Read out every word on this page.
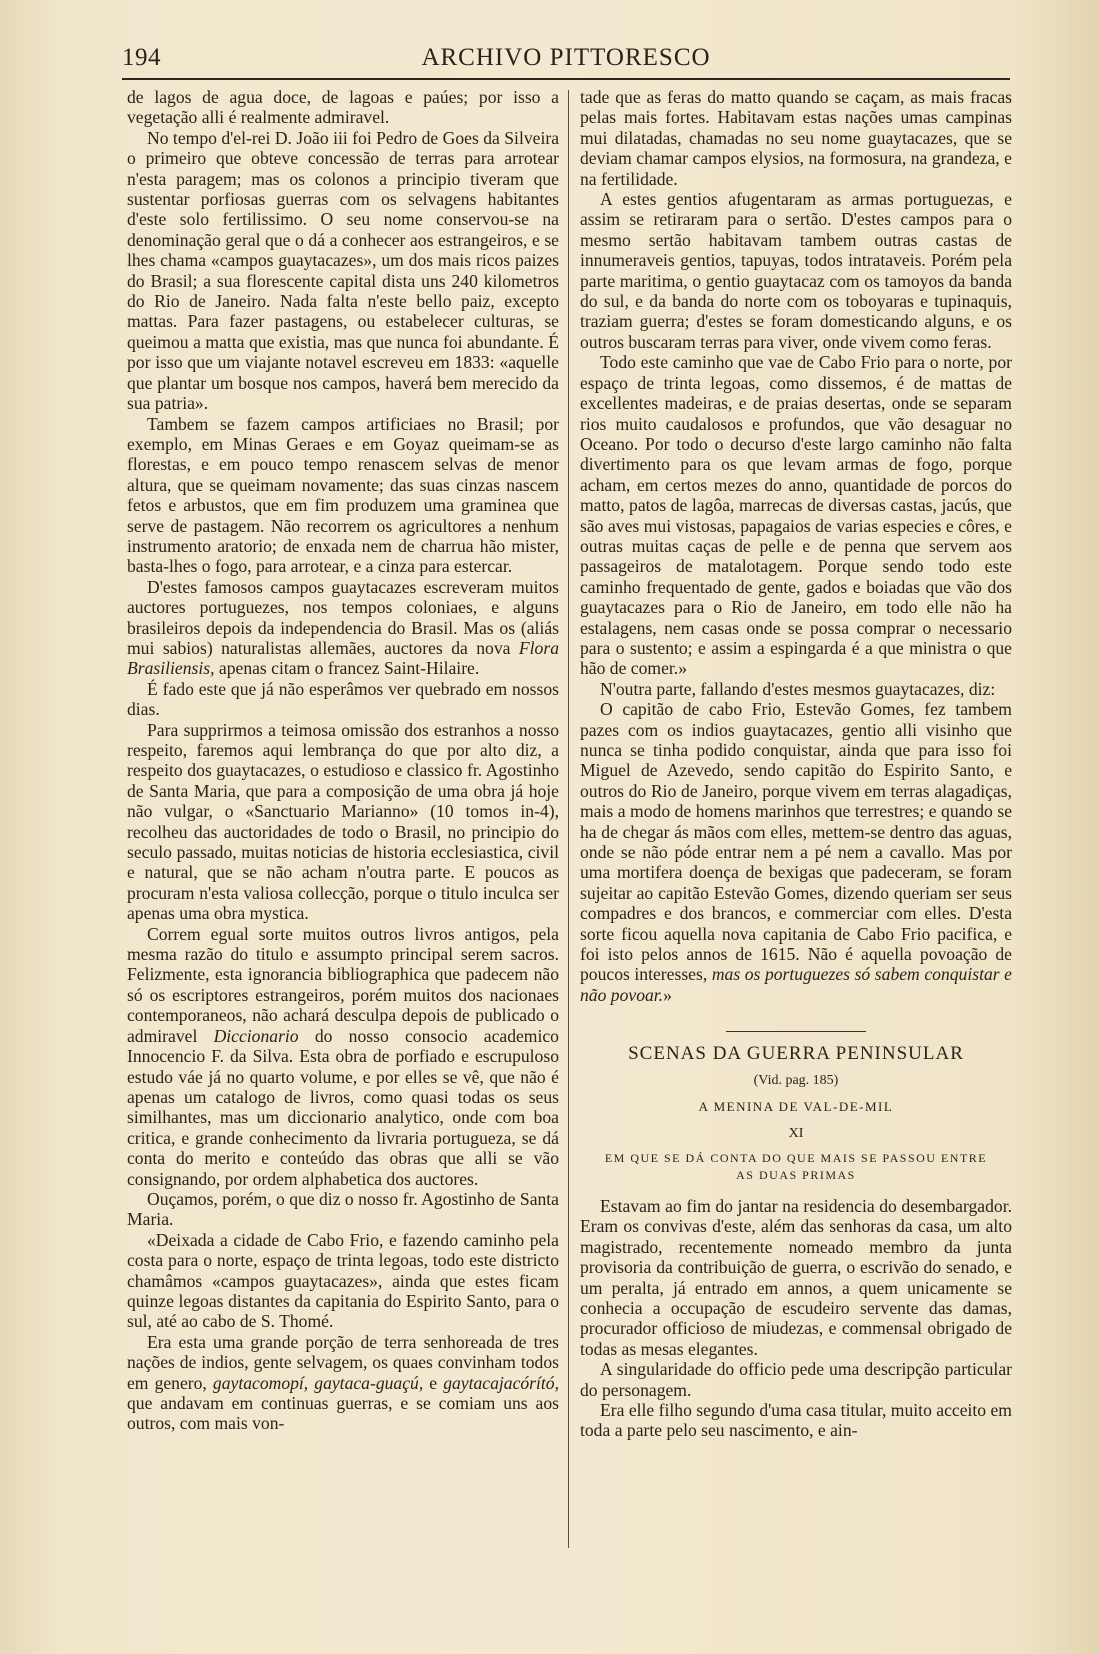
194	ARCHIVO PITTORESCO

de lagos de agua doce, de lagoas e paúes; por isso a vegetação alli é realmente admiravel.

No tempo d'el-rei D. João iii foi Pedro de Goes da Silveira o primeiro que obteve concessão de terras para arrotear n'esta paragem; mas os colonos a principio tiveram que sustentar porfiosas guerras com os selvagens habitantes d'este solo fertilissimo. O seu nome conservou-se na denominação geral que o dá a conhecer aos estrangeiros, e se lhes chama «campos guaytacazes», um dos mais ricos paizes do Brasil; a sua florescente capital dista uns 240 kilometros do Rio de Janeiro. Nada falta n'este bello paiz, excepto mattas. Para fazer pastagens, ou estabelecer culturas, se queimou a matta que existia, mas que nunca foi abundante. É por isso que um viajante notavel escreveu em 1833: «aquelle que plantar um bosque nos campos, haverá bem merecido da sua patria».

Tambem se fazem campos artificiaes no Brasil; por exemplo, em Minas Geraes e em Goyaz queimam-se as florestas, e em pouco tempo renascem selvas de menor altura, que se queimam novamente; das suas cinzas nascem fetos e arbustos, que em fim produzem uma graminea que serve de pastagem. Não recorrem os agricultores a nenhum instrumento aratorio; de enxada nem de charrua hão mister, basta-lhes o fogo, para arrotear, e a cinza para estercar.

D'estes famosos campos guaytacazes escreveram muitos auctores portuguezes, nos tempos coloniaes, e alguns brasileiros depois da independencia do Brasil. Mas os (aliás mui sabios) naturalistas allemães, auctores da nova Flora Brasiliensis, apenas citam o francez Saint-Hilaire.

É fado este que já não esperâmos ver quebrado em nossos dias.

Para supprirmos a teimosa omissão dos estranhos a nosso respeito, faremos aqui lembrança do que por alto diz, a respeito dos guaytacazes, o estudioso e classico fr. Agostinho de Santa Maria, que para a composição de uma obra já hoje não vulgar, o «Sanctuario Marianno» (10 tomos in-4), recolheu das auctoridades de todo o Brasil, no principio do seculo passado, muitas noticias de historia ecclesiastica, civil e natural, que se não acham n'outra parte. E poucos as procuram n'esta valiosa collecção, porque o titulo inculca ser apenas uma obra mystica.

Correm egual sorte muitos outros livros antigos, pela mesma razão do titulo e assumpto principal serem sacros. Felizmente, esta ignorancia bibliographica que padecem não só os escriptores estrangeiros, porém muitos dos nacionaes contemporaneos, não achará desculpa depois de publicado o admiravel Diccionario do nosso consocio academico Innocencio F. da Silva. Esta obra de porfiado e escrupuloso estudo váe já no quarto volume, e por elles se vê, que não é apenas um catalogo de livros, como quasi todas os seus similhantes, mas um diccionario analytico, onde com boa critica, e grande conhecimento da livraria portugueza, se dá conta do merito e conteúdo das obras que alli se vão consignando, por ordem alphabetica dos auctores.

Ouçamos, porém, o que diz o nosso fr. Agostinho de Santa Maria.

«Deixada a cidade de Cabo Frio, e fazendo caminho pela costa para o norte, espaço de trinta legoas, todo este districto chamâmos «campos guaytacazes», ainda que estes ficam quinze legoas distantes da capitania do Espirito Santo, para o sul, até ao cabo de S. Thomé.

Era esta uma grande porção de terra senhoreada de tres nações de indios, gente selvagem, os quaes convinham todos em genero, gaytacomopí, gaytaca-guaçú, e gaytacajacórító, que andavam em continuas guerras, e se comiam uns aos outros, com mais von-

tade que as feras do matto quando se caçam, as mais fracas pelas mais fortes. Habitavam estas nações umas campinas mui dilatadas, chamadas no seu nome guaytacazes, que se deviam chamar campos elysios, na formosura, na grandeza, e na fertilidade.

A estes gentios afugentaram as armas portuguezas, e assim se retiraram para o sertão. D'estes campos para o mesmo sertão habitavam tambem outras castas de innumeraveis gentios, tapuyas, todos intrataveis. Porém pela parte maritima, o gentio guaytacaz com os tamoyos da banda do sul, e da banda do norte com os toboyaras e tupinaquis, traziam guerra; d'estes se foram domesticando alguns, e os outros buscaram terras para viver, onde vivem como feras.

Todo este caminho que vae de Cabo Frio para o norte, por espaço de trinta legoas, como dissemos, é de mattas de excellentes madeiras, e de praias desertas, onde se separam rios muito caudalosos e profundos, que vão desaguar no Oceano. Por todo o decurso d'este largo caminho não falta divertimento para os que levam armas de fogo, porque acham, em certos mezes do anno, quantidade de porcos do matto, patos de lagôa, marrecas de diversas castas, jacús, que são aves mui vistosas, papagaios de varias especies e côres, e outras muitas caças de pelle e de penna que servem aos passageiros de matalotagem. Porque sendo todo este caminho frequentado de gente, gados e boiadas que vão dos guaytacazes para o Rio de Janeiro, em todo elle não ha estalagens, nem casas onde se possa comprar o necessario para o sustento; e assim a espingarda é a que ministra o que hão de comer.»

N'outra parte, fallando d'estes mesmos guaytacazes, diz:

O capitão de cabo Frio, Estevão Gomes, fez tambem pazes com os indios guaytacazes, gentio alli visinho que nunca se tinha podido conquistar, ainda que para isso foi Miguel de Azevedo, sendo capitão do Espirito Santo, e outros do Rio de Janeiro, porque vivem em terras alagadiças, mais a modo de homens marinhos que terrestres; e quando se ha de chegar ás mãos com elles, mettem-se dentro das aguas, onde se não póde entrar nem a pé nem a cavallo. Mas por uma mortifera doença de bexigas que padeceram, se foram sujeitar ao capitão Estevão Gomes, dizendo queriam ser seus compadres e dos brancos, e commerciar com elles. D'esta sorte ficou aquella nova capitania de Cabo Frio pacifica, e foi isto pelos annos de 1615. Não é aquella povoação de poucos interesses, mas os portuguezes só sabem conquistar e não povoar.»

SCENAS DA GUERRA PENINSULAR
(Vid. pag. 185)
A MENINA DE VAL-DE-MIL
XI
EM QUE SE DÁ CONTA DO QUE MAIS SE PASSOU ENTRE AS DUAS PRIMAS

Estavam ao fim do jantar na residencia do desembargador. Eram os convivas d'este, além das senhoras da casa, um alto magistrado, recentemente nomeado membro da junta provisoria da contribuição de guerra, o escrivão do senado, e um peralta, já entrado em annos, a quem unicamente se conhecia a occupação de escudeiro servente das damas, procurador officioso de miudezas, e commensal obrigado de todas as mesas elegantes.

A singularidade do officio pede uma descripção particular do personagem.

Era elle filho segundo d'uma casa titular, muito acceito em toda a parte pelo seu nascimento, e ain-
